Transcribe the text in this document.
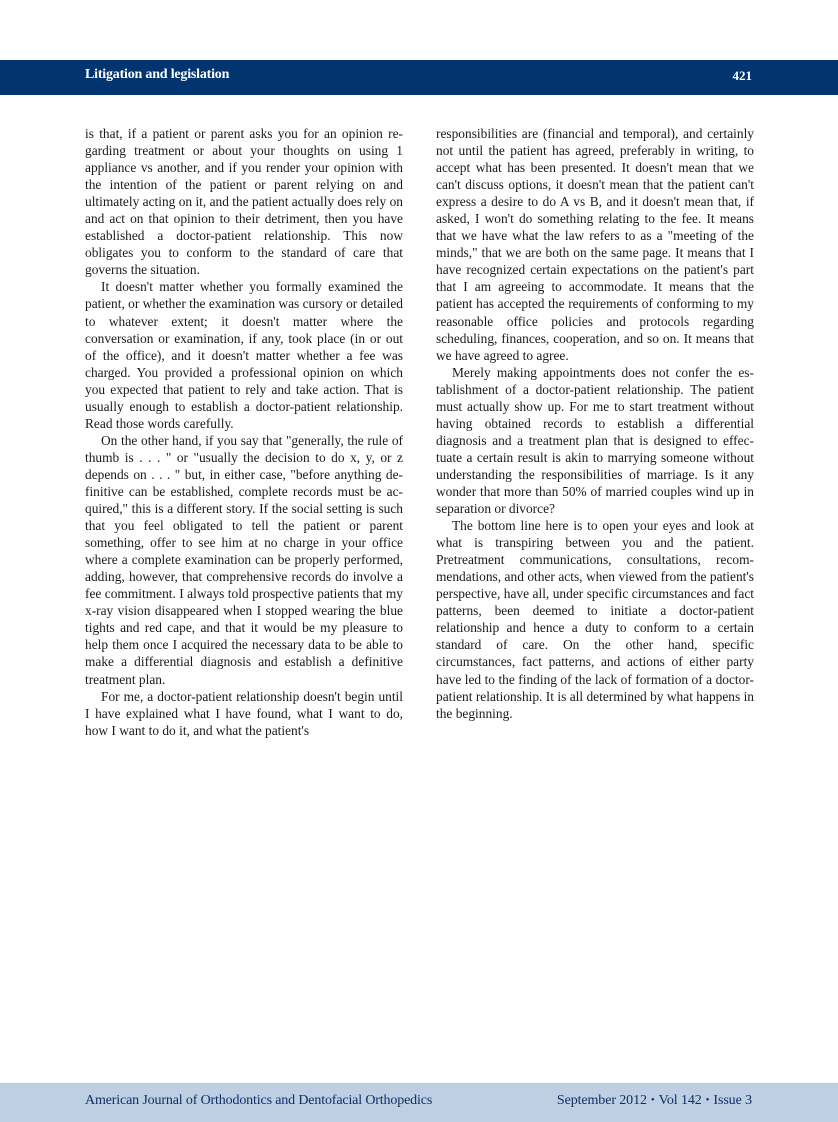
Litigation and legislation	421

is that, if a patient or parent asks you for an opinion regarding treatment or about your thoughts on using 1 appliance vs another, and if you render your opinion with the intention of the patient or parent relying on and ultimately acting on it, and the patient actually does rely on and act on that opinion to their detriment, then you have established a doctor-patient relationship. This now obligates you to conform to the standard of care that governs the situation.

It doesn't matter whether you formally examined the patient, or whether the examination was cursory or detailed to whatever extent; it doesn't matter where the conversation or examination, if any, took place (in or out of the office), and it doesn't matter whether a fee was charged. You provided a professional opinion on which you expected that patient to rely and take action. That is usually enough to establish a doctor-patient relationship. Read those words carefully.

On the other hand, if you say that "generally, the rule of thumb is . . . " or "usually the decision to do x, y, or z depends on . . . " but, in either case, "before anything definitive can be established, complete records must be acquired," this is a different story. If the social setting is such that you feel obligated to tell the patient or parent something, offer to see him at no charge in your office where a complete examination can be properly performed, adding, however, that comprehensive records do involve a fee commitment. I always told prospective patients that my x-ray vision disappeared when I stopped wearing the blue tights and red cape, and that it would be my pleasure to help them once I acquired the necessary data to be able to make a differential diagnosis and establish a definitive treatment plan.

For me, a doctor-patient relationship doesn't begin until I have explained what I have found, what I want to do, how I want to do it, and what the patient's

responsibilities are (financial and temporal), and certainly not until the patient has agreed, preferably in writing, to accept what has been presented. It doesn't mean that we can't discuss options, it doesn't mean that the patient can't express a desire to do A vs B, and it doesn't mean that, if asked, I won't do something relating to the fee. It means that we have what the law refers to as a "meeting of the minds," that we are both on the same page. It means that I have recognized certain expectations on the patient's part that I am agreeing to accommodate. It means that the patient has accepted the requirements of conforming to my reasonable office policies and protocols regarding scheduling, finances, cooperation, and so on. It means that we have agreed to agree.

Merely making appointments does not confer the establishment of a doctor-patient relationship. The patient must actually show up. For me to start treatment without having obtained records to establish a differential diagnosis and a treatment plan that is designed to effectuate a certain result is akin to marrying someone without understanding the responsibilities of marriage. Is it any wonder that more than 50% of married couples wind up in separation or divorce?

The bottom line here is to open your eyes and look at what is transpiring between you and the patient. Pretreatment communications, consultations, recommendations, and other acts, when viewed from the patient's perspective, have all, under specific circumstances and fact patterns, been deemed to initiate a doctor-patient relationship and hence a duty to conform to a certain standard of care. On the other hand, specific circumstances, fact patterns, and actions of either party have led to the finding of the lack of formation of a doctor-patient relationship. It is all determined by what happens in the beginning.

American Journal of Orthodontics and Dentofacial Orthopedics	September 2012 • Vol 142 • Issue 3
